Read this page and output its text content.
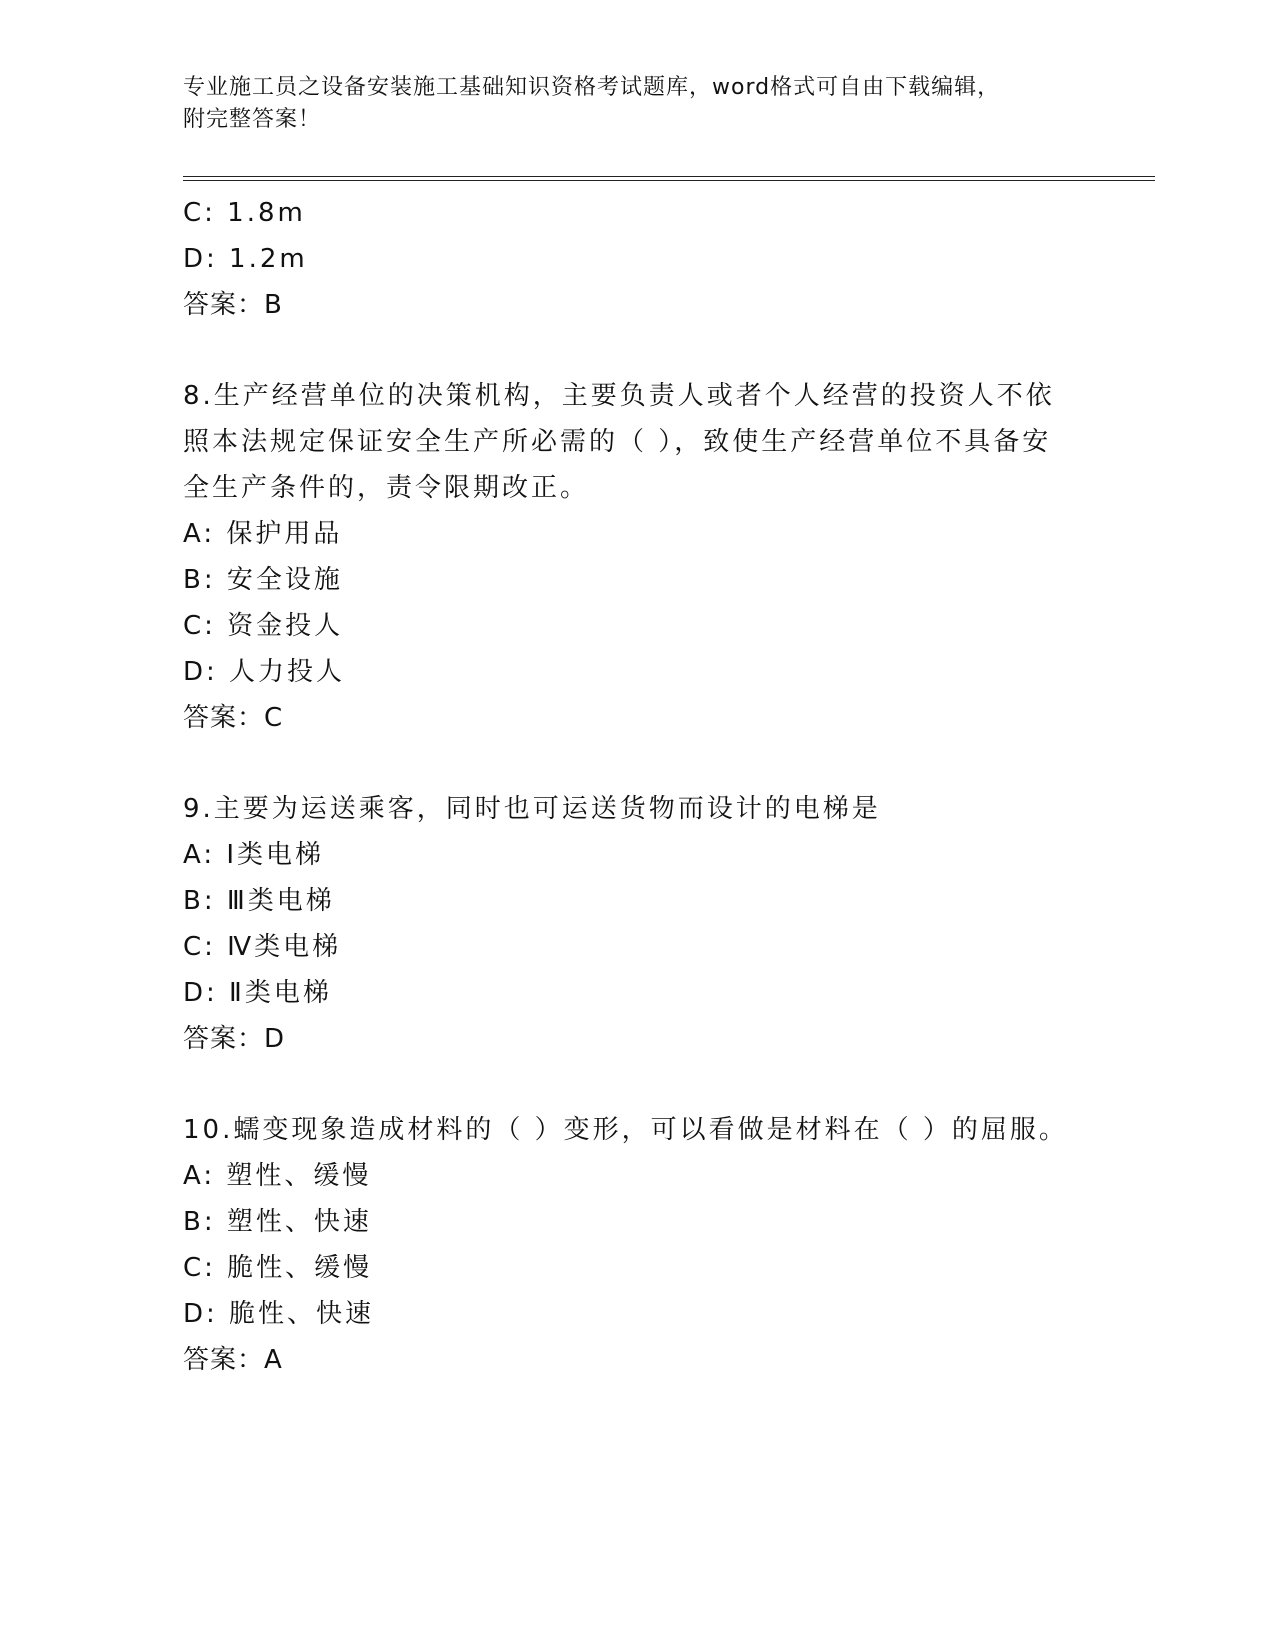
专业施工员之设备安装施工基础知识资格考试题库，word格式可自由下载编辑，
附完整答案！
C: 1.8m
D: 1.2m
答案：B
8.生产经营单位的决策机构，主要负责人或者个人经营的投资人不依
照本法规定保证安全生产所必需的（ ），致使生产经营单位不具备安
全生产条件的，责令限期改正。
A: 保护用品
B: 安全设施
C: 资金投人
D: 人力投人
答案：C
9.主要为运送乘客，同时也可运送货物而设计的电梯是
A: Ⅰ类电梯
B: Ⅲ类电梯
C: Ⅳ类电梯
D: Ⅱ类电梯
答案：D
10.蠕变现象造成材料的（ ）变形，可以看做是材料在（ ）的屈服。
A: 塑性、缓慢
B: 塑性、快速
C: 脆性、缓慢
D: 脆性、快速
答案：A
